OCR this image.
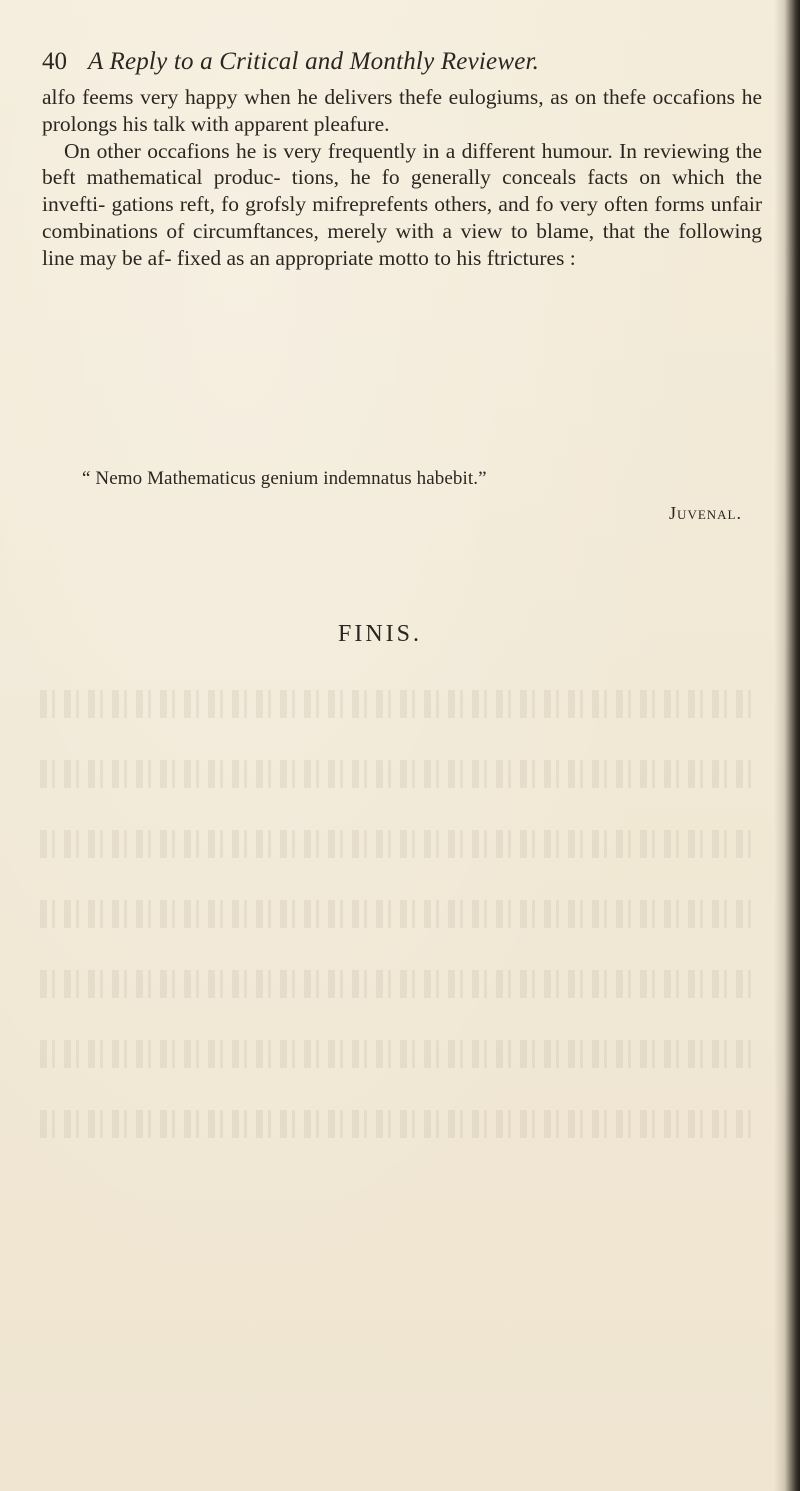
40 A Reply to a Critical and Monthly Reviewer.

alfo feems very happy when he delivers thefe eulogiums, as on thefe occafions he prolongs his talk with apparent pleafure.

On other occafions he is very frequently in a different humour. In reviewing the beft mathematical produc- tions, he fo generally conceals facts on which the invefti- gations reft, fo grofsly mifreprefents others, and fo very often forms unfair combinations of circumftances, merely with a view to blame, that the following line may be af- fixed as an appropriate motto to his ftrictures :

“ Nemo Mathematicus genium indemnatus habebit.”
Juvenal.
FINIS.
